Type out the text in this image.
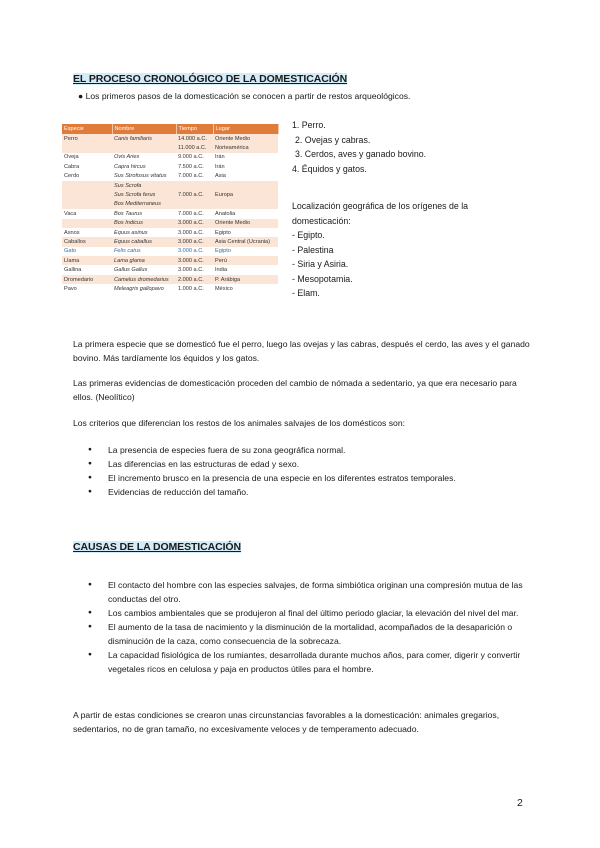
EL PROCESO CRONOLÓGICO DE LA DOMESTICACIÓN
● Los primeros pasos de la domesticación se conocen a partir de restos arqueológicos.
Especie	Nombre	Tiempo	Lugar
Perro	Canis familiaris	14.000 a.C.	Oriente Medio
		11.000 a.C.	Norteamérica
Oveja	Ovis Aries	9.000 a.C.	Irán
Cabra	Capra hircus	7.500 a.C.	Irán
Cerdo	Sus Strofosus vitatus	7.000 a.C.	Asia
	Sus Scrofa		
	Sus Scrofa ferus	7.000 a.C.	Europa
	Bos Mediterraneus		
Vaca	Bos Taurus	7.000 a.C.	Anatolia
	Bos Indicus	3.000 a.C.	Oriente Medio
Asnos	Equus asinus	3.000 a.C.	Egipto
Caballos	Equus caballus	3.000 a.C.	Asia Central (Ucrania)
Gato	Felis catus	3.000 a.C.	Egipto
Llama	Lama glama	3.000 a.C.	Perú
Gallina	Gallus Gallus	3.000 a.C.	India
Dromedario	Camelus dromedarius	2.000 a.C.	P. Arábiga
Pavo	Meleagris gallopavo	1.000 a.C.	México
1. Perro.
2. Ovejas y cabras.
3. Cerdos, aves y ganado bovino.
4. Équidos y gatos.
Localización geográfica de los orígenes de la domesticación:
- Egipto.
- Palestina
- Siria y Asiria.
- Mesopotamia.
- Elam.
La primera especie que se domesticó fue el perro, luego las ovejas y las cabras, después el cerdo, las aves y el ganado bovino. Más tardíamente los équidos y los gatos.
Las primeras evidencias de domesticación proceden del cambio de nómada a sedentario, ya que era necesario para ellos. (Neolítico)
Los criterios que diferencian los restos de los animales salvajes de los domésticos son:
● La presencia de especies fuera de su zona geográfica normal.
● Las diferencias en las estructuras de edad y sexo.
● El incremento brusco en la presencia de una especie en los diferentes estratos temporales.
● Evidencias de reducción del tamaño.
CAUSAS DE LA DOMESTICACIÓN
● El contacto del hombre con las especies salvajes, de forma simbiótica originan una compresión mutua de las conductas del otro.
● Los cambios ambientales que se produjeron al final del último periodo glaciar, la elevación del nivel del mar.
● El aumento de la tasa de nacimiento y la disminución de la mortalidad, acompañados de la desaparición o disminución de la caza, como consecuencia de la sobrecaza.
● La capacidad fisiológica de los rumiantes, desarrollada durante muchos años, para comer, digerir y convertir vegetales ricos en celulosa y paja en productos útiles para el hombre.
A partir de estas condiciones se crearon unas circunstancias favorables a la domesticación: animales gregarios, sedentarios, no de gran tamaño, no excesivamente veloces y de temperamento adecuado.
2
